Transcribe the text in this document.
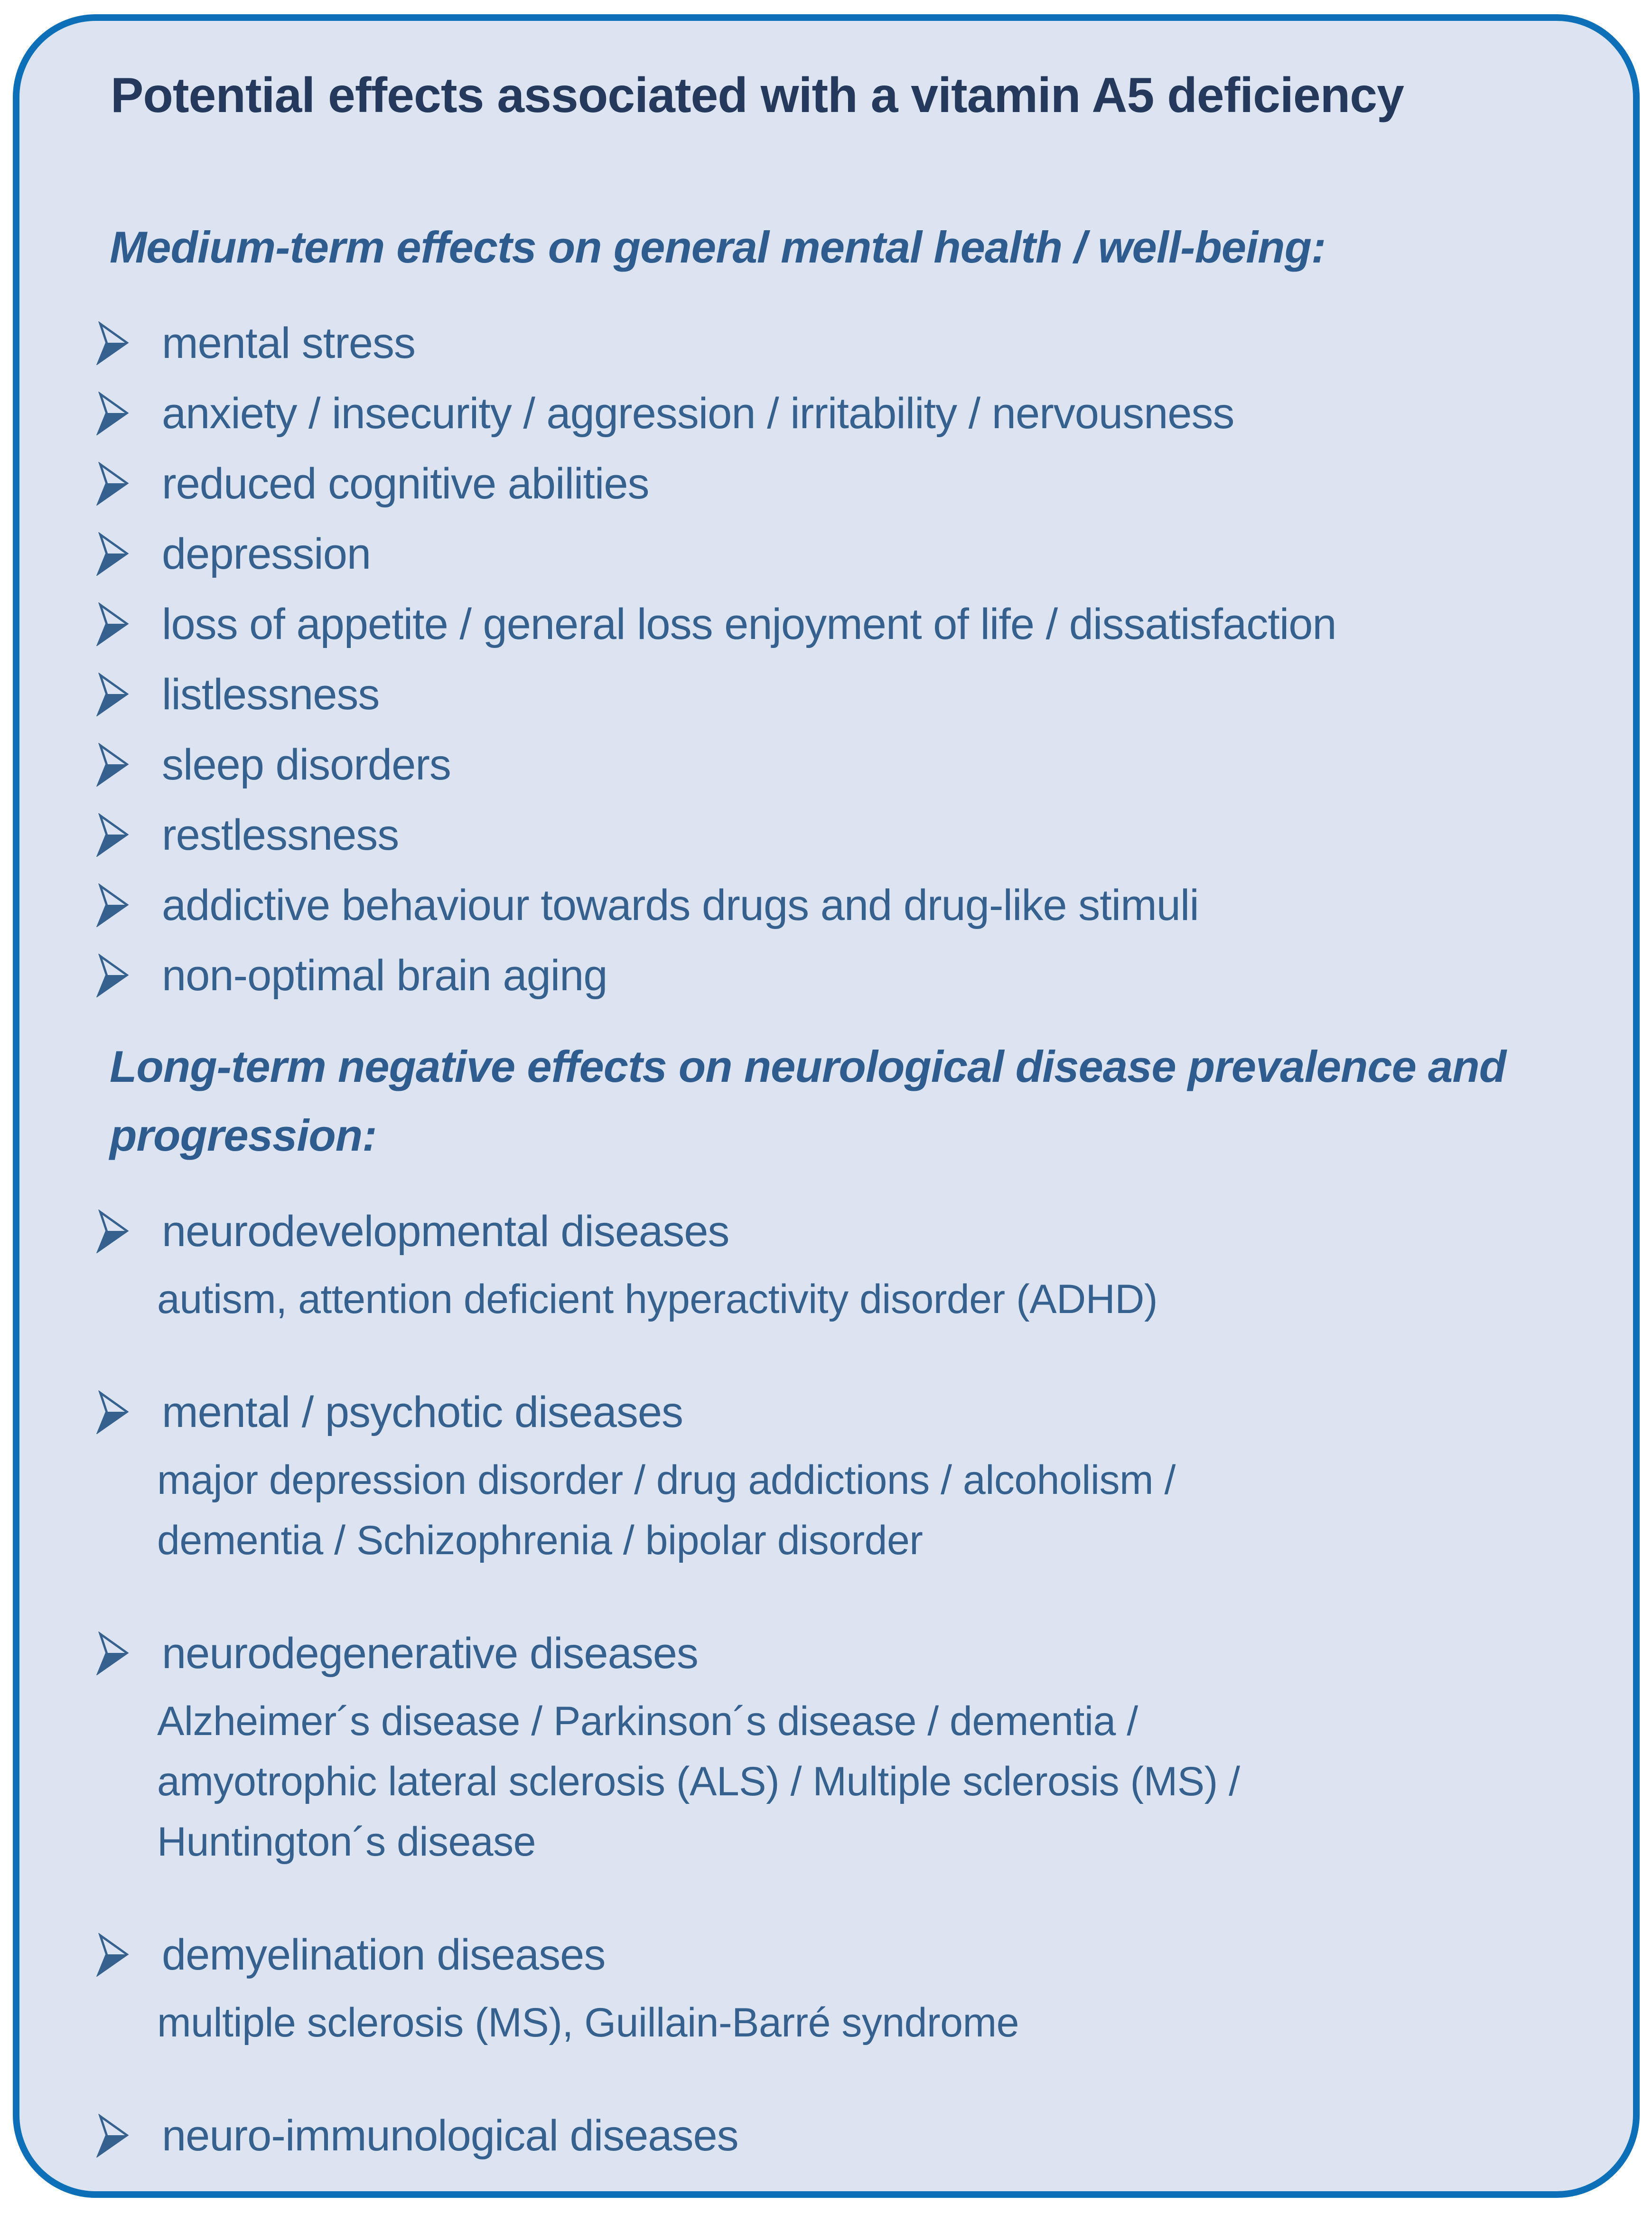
Potential effects associated with a vitamin A5 deficiency
Medium-term effects on general mental health / well-being:
mental stress
anxiety / insecurity / aggression / irritability / nervousness
reduced cognitive abilities
depression
loss of appetite / general loss enjoyment of life / dissatisfaction
listlessness
sleep disorders
restlessness
addictive behaviour towards drugs and drug-like stimuli
non-optimal brain aging
Long-term negative effects on neurological disease prevalence and progression:
neurodevelopmental diseases
autism, attention deficient hyperactivity disorder (ADHD)
mental / psychotic diseases
major depression disorder / drug addictions / alcoholism /
dementia / Schizophrenia / bipolar disorder
neurodegenerative diseases
Alzheimer´s disease / Parkinson´s disease / dementia /
amyotrophic lateral sclerosis (ALS) / Multiple sclerosis (MS) /
Huntington´s disease
demyelination diseases
multiple sclerosis (MS), Guillain-Barré syndrome
neuro-immunological diseases
